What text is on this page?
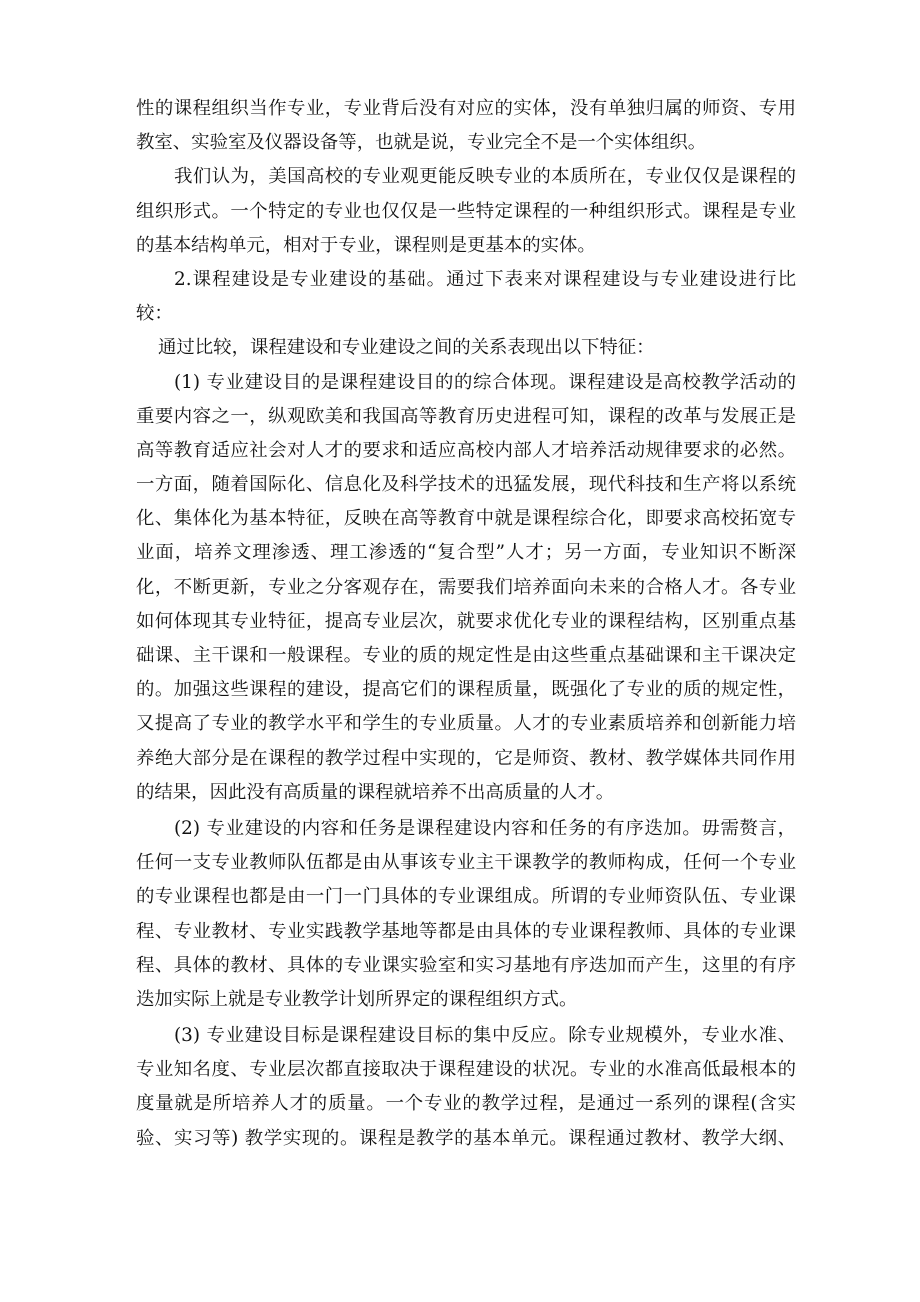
性的课程组织当作专业，专业背后没有对应的实体，没有单独归属的师资、专用
教室、实验室及仪器设备等，也就是说，专业完全不是一个实体组织。
我们认为，美国高校的专业观更能反映专业的本质所在，专业仅仅是课程的
组织形式。一个特定的专业也仅仅是一些特定课程的一种组织形式。课程是专业
的基本结构单元，相对于专业，课程则是更基本的实体。
2.课程建设是专业建设的基础。通过下表来对课程建设与专业建设进行比
较：
通过比较，课程建设和专业建设之间的关系表现出以下特征：
(1) 专业建设目的是课程建设目的的综合体现。课程建设是高校教学活动的
重要内容之一，纵观欧美和我国高等教育历史进程可知，课程的改革与发展正是
高等教育适应社会对人才的要求和适应高校内部人才培养活动规律要求的必然。
一方面，随着国际化、信息化及科学技术的迅猛发展，现代科技和生产将以系统
化、集体化为基本特征，反映在高等教育中就是课程综合化，即要求高校拓宽专
业面，培养文理渗透、理工渗透的“复合型”人才；另一方面，专业知识不断深
化，不断更新，专业之分客观存在，需要我们培养面向未来的合格人才。各专业
如何体现其专业特征，提高专业层次，就要求优化专业的课程结构，区别重点基
础课、主干课和一般课程。专业的质的规定性是由这些重点基础课和主干课决定
的。加强这些课程的建设，提高它们的课程质量，既强化了专业的质的规定性，
又提高了专业的教学水平和学生的专业质量。人才的专业素质培养和创新能力培
养绝大部分是在课程的教学过程中实现的，它是师资、教材、教学媒体共同作用
的结果，因此没有高质量的课程就培养不出高质量的人才。
(2) 专业建设的内容和任务是课程建设内容和任务的有序迭加。毋需赘言，
任何一支专业教师队伍都是由从事该专业主干课教学的教师构成，任何一个专业
的专业课程也都是由一门一门具体的专业课组成。所谓的专业师资队伍、专业课
程、专业教材、专业实践教学基地等都是由具体的专业课程教师、具体的专业课
程、具体的教材、具体的专业课实验室和实习基地有序迭加而产生，这里的有序
迭加实际上就是专业教学计划所界定的课程组织方式。
(3) 专业建设目标是课程建设目标的集中反应。除专业规模外，专业水准、
专业知名度、专业层次都直接取决于课程建设的状况。专业的水准高低最根本的
度量就是所培养人才的质量。一个专业的教学过程，是通过一系列的课程(含实
验、实习等) 教学实现的。课程是教学的基本单元。课程通过教材、教学大纲、
